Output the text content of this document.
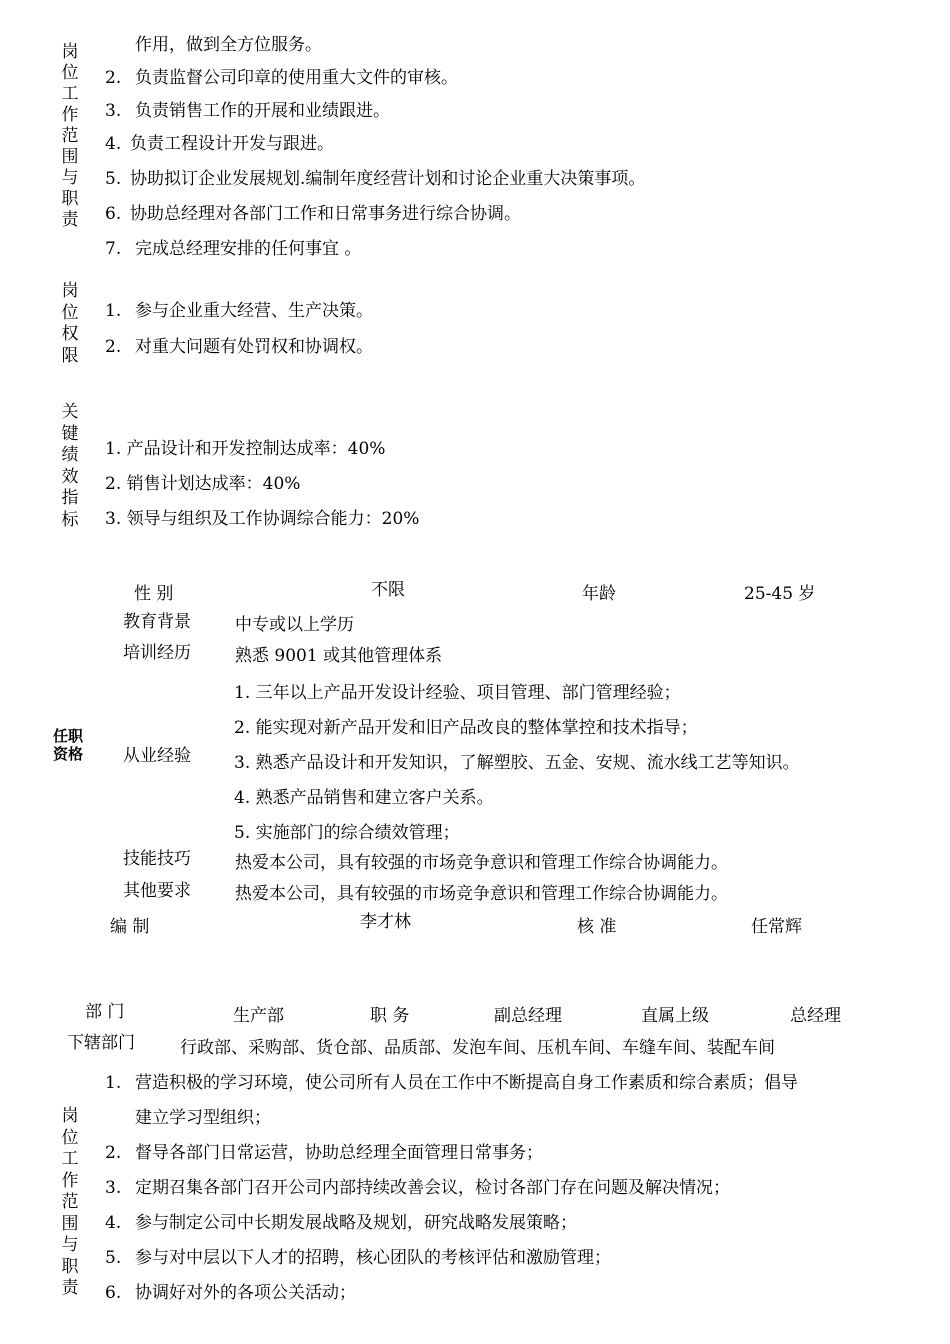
岗位工作范围与职责
作用，做到全方位服务。
2. 负责监督公司印章的使用重大文件的审核。
3. 负责销售工作的开展和业绩跟进。
4. 负责工程设计开发与跟进。
5. 协助拟订企业发展规划.编制年度经营计划和讨论企业重大决策事项。
6. 协助总经理对各部门工作和日常事务进行综合协调。
7. 完成总经理安排的任何事宜 。
岗位权限
1. 参与企业重大经营、生产决策。
2. 对重大问题有处罚权和协调权。
关键绩效指标
1. 产品设计和开发控制达成率：40%
2. 销售计划达成率：40%
3. 领导与组织及工作协调综合能力：20%
性 别	不限	年龄	25-45 岁
教育背景	中专或以上学历
培训经历	熟悉 9001 或其他管理体系
任职资格	从业经验
1. 三年以上产品开发设计经验、项目管理、部门管理经验；
2. 能实现对新产品开发和旧产品改良的整体掌控和技术指导；
3. 熟悉产品设计和开发知识，了解塑胶、五金、安规、流水线工艺等知识。
4. 熟悉产品销售和建立客户关系。
5. 实施部门的综合绩效管理；
技能技巧	热爱本公司，具有较强的市场竞争意识和管理工作综合协调能力。
其他要求	热爱本公司，具有较强的市场竞争意识和管理工作综合协调能力。
编 制	李才林	核 准	任常辉
部 门	生产部	职 务	副总经理	直属上级	总经理
下辖部门	行政部、采购部、货仓部、品质部、发泡车间、压机车间、车缝车间、装配车间
岗位工作范围与职责
1. 营造积极的学习环境，使公司所有人员在工作中不断提高自身工作素质和综合素质；倡导
建立学习型组织；
2. 督导各部门日常运营，协助总经理全面管理日常事务；
3. 定期召集各部门召开公司内部持续改善会议，检讨各部门存在问题及解决情况；
4. 参与制定公司中长期发展战略及规划，研究战略发展策略；
5. 参与对中层以下人才的招聘，核心团队的考核评估和激励管理；
6. 协调好对外的各项公关活动；
